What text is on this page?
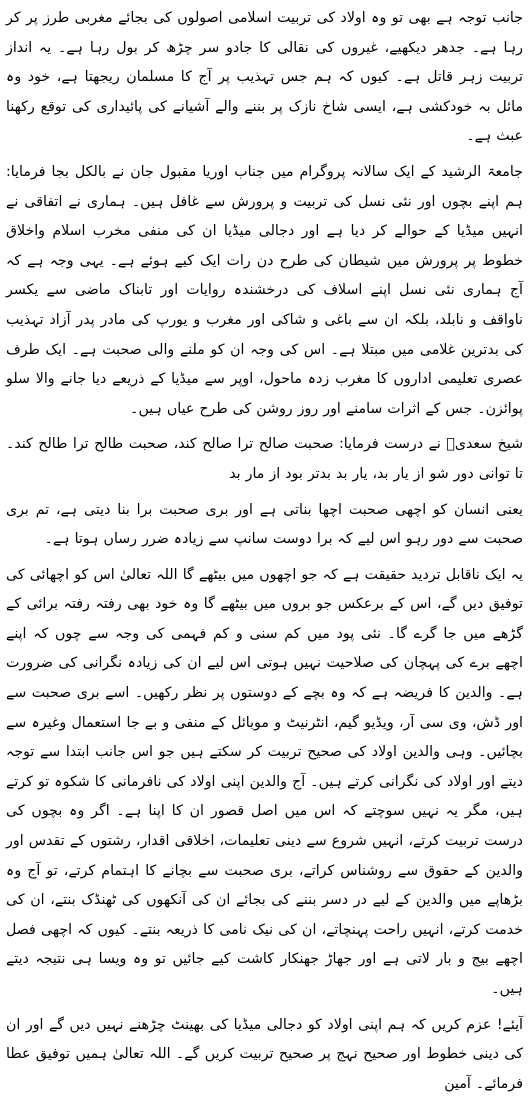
جانب توجہ ہے بھی تو وہ اولاد کی تربیت اسلامی اصولوں کی بجائے مغربی طرز پر کر رہا ہے۔ جدھر دیکھیے، غیروں کی نقالی کا جادو سر چڑھ کر بول رہا ہے۔ یہ انداز تربیت زہر قاتل ہے۔ کیوں کہ ہم جس تہذیب پر آج کا مسلمان ریجھتا ہے، خود وہ مائل بہ خودکشی ہے، ایسی شاخ نازک پر بننے والے آشیانے کی پائیداری کی توقع رکھنا عبث ہے۔

جامعۃ الرشید کے ایک سالانہ پروگرام میں جناب اوریا مقبول جان نے بالکل بجا فرمایا: ہم اپنے بچوں اور نئی نسل کی تربیت و پرورش سے غافل ہیں۔ ہماری نے اتفاقی نے انہیں میڈیا کے حوالے کر دیا ہے اور دجالی میڈیا ان کی منفی مخرب اسلام واخلاق خطوط پر پرورش میں شیطان کی طرح دن رات ایک کیے ہوئے ہے۔ یہی وجہ ہے کہ آج ہماری نئی نسل اپنے اسلاف کی درخشندہ روایات اور تابناک ماضی سے یکسر ناواقف و نابلد، بلکہ ان سے باغی و شاکی اور مغرب و یورپ کی مادر پدر آزاد تہذیب کی بدترین غلامی میں مبتلا ہے۔ اس کی وجہ ان کو ملنے والی صحبت ہے۔ ایک طرف عصری تعلیمی اداروں کا مغرب زدہ ماحول، اوپر سے میڈیا کے ذریعے دیا جانے والا سلو پوائزن۔ جس کے اثرات سامنے اور روز روشن کی طرح عیاں ہیں۔

شیخ سعدیؒ نے درست فرمایا: صحبت صالح ترا صالح کند، صحبت طالح ترا طالح کند۔ تا توانی دور شو از یار بد، یار بد بدتر بود از مار بد

یعنی انسان کو اچھی صحبت اچھا بناتی ہے اور بری صحبت برا بنا دیتی ہے، تم بری صحبت سے دور رہو اس لیے کہ برا دوست سانپ سے زیادہ ضرر رساں ہوتا ہے۔

یہ ایک ناقابل تردید حقیقت ہے کہ جو اچھوں میں بیٹھے گا اللہ تعالیٰ اس کو اچھائی کی توفیق دیں گے، اس کے برعکس جو بروں میں بیٹھے گا وہ خود بھی رفتہ رفتہ برائی کے گڑھے میں جا گرے گا۔ نئی پود میں کم سنی و کم فہمی کی وجہ سے چوں کہ اپنے اچھے برے کی پہچان کی صلاحیت نہیں ہوتی اس لیے ان کی زیادہ نگرانی کی ضرورت ہے۔ والدین کا فریضہ ہے کہ وہ بچے کے دوستوں پر نظر رکھیں۔ اسے بری صحبت سے اور ڈش، وی سی آر، ویڈیو گیم، انٹرنیٹ و موبائل کے منفی و بے جا استعمال وغیرہ سے بچائیں۔ وہی والدین اولاد کی صحیح تربیت کر سکتے ہیں جو اس جانب ابتدا سے توجہ دیتے اور اولاد کی نگرانی کرتے ہیں۔ آج والدین اپنی اولاد کی نافرمانی کا شکوہ تو کرتے ہیں، مگر یہ نہیں سوچتے کہ اس میں اصل قصور ان کا اپنا ہے۔ اگر وہ بچوں کی درست تربیت کرتے، انہیں شروع سے دینی تعلیمات، اخلاقی اقدار، رشتوں کے تقدس اور والدین کے حقوق سے روشناس کراتے، بری صحبت سے بچانے کا اہتمام کرتے، تو آج وہ بڑھاپے میں والدین کے لیے در دسر بننے کی بجائے ان کی آنکھوں کی ٹھنڈک بنتے، ان کی خدمت کرتے، انہیں راحت پہنچاتے، ان کی نیک نامی کا ذریعہ بنتے۔ کیوں کہ اچھی فصل اچھے بیج و بار لاتی ہے اور جھاڑ جھنکار کاشت کیے جائیں تو وہ ویسا ہی نتیجہ دیتے ہیں۔

آیئے! عزم کریں کہ ہم اپنی اولاد کو دجالی میڈیا کی بھینٹ چڑھنے نہیں دیں گے اور ان کی دینی خطوط اور صحیح نہج پر صحیح تربیت کریں گے۔ اللہ تعالیٰ ہمیں توفیق عطا فرمائے۔ آمین
